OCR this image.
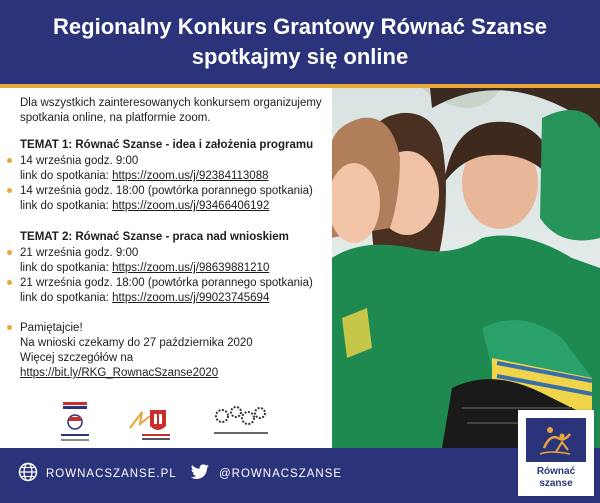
Regionalny Konkurs Grantowy Równać Szanse
spotkajmy się online
Dla wszystkich zainteresowanych konkursem organizujemy
spotkania online, na platformie zoom.
TEMAT 1: Równać Szanse - idea i założenia programu
14 września godz. 9:00
link do spotkania: https://zoom.us/j/92384113088
14 września godz. 18:00 (powtórka porannego spotkania)
link do spotkania: https://zoom.us/j/93466406192
TEMAT 2: Równać Szanse - praca nad wnioskiem
21 września godz. 9:00
link do spotkania: https://zoom.us/j/98639881210
21 września godz. 18:00 (powtórka porannego spotkania)
link do spotkania: https://zoom.us/j/99023745694
Pamiętajcie!
Na wnioski czekamy do 27 października 2020
Więcej szczegółów na
https://bit.ly/RKG_RownacSzanse2020
ROWNACSZANSE.PL	@ROWNACSZANSE	Równać
szanse
